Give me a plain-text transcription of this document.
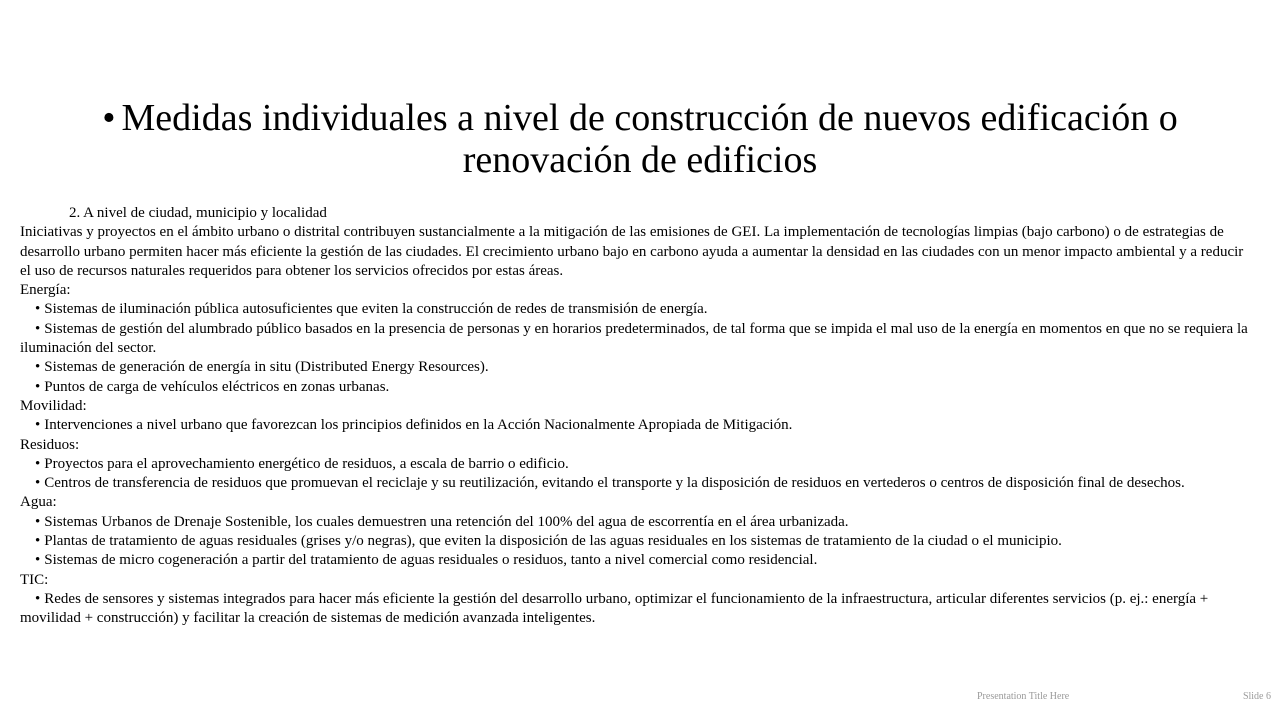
• Medidas individuales a nivel de construcción de nuevos edificación o renovación de edificios

2. A nivel de ciudad, municipio y localidad

Iniciativas y proyectos en el ámbito urbano o distrital contribuyen sustancialmente a la mitigación de las emisiones de GEI. La implementación de tecnologías limpias (bajo carbono) o de estrategias de desarrollo urbano permiten hacer más eficiente la gestión de las ciudades. El crecimiento urbano bajo en carbono ayuda a aumentar la densidad en las ciudades con un menor impacto ambiental y a reducir el uso de recursos naturales requeridos para obtener los servicios ofrecidos por estas áreas.

Energía:

• Sistemas de iluminación pública autosuficientes que eviten la construcción de redes de transmisión de energía.

• Sistemas de gestión del alumbrado público basados en la presencia de personas y en horarios predeterminados, de tal forma que se impida el mal uso de la energía en momentos en que no se requiera la iluminación del sector.

• Sistemas de generación de energía in situ (Distributed Energy Resources).

• Puntos de carga de vehículos eléctricos en zonas urbanas.

Movilidad:

• Intervenciones a nivel urbano que favorezcan los principios definidos en la Acción Nacionalmente Apropiada de Mitigación.

Residuos:

• Proyectos para el aprovechamiento energético de residuos, a escala de barrio o edificio.

• Centros de transferencia de residuos que promuevan el reciclaje y su reutilización, evitando el transporte y la disposición de residuos en vertederos o centros de disposición final de desechos.

Agua:

• Sistemas Urbanos de Drenaje Sostenible, los cuales demuestren una retención del 100% del agua de escorrentía en el área urbanizada.

• Plantas de tratamiento de aguas residuales (grises y/o negras), que eviten la disposición de las aguas residuales en los sistemas de tratamiento de la ciudad o el municipio.

• Sistemas de micro cogeneración a partir del tratamiento de aguas residuales o residuos, tanto a nivel comercial como residencial.

TIC:

• Redes de sensores y sistemas integrados para hacer más eficiente la gestión del desarrollo urbano, optimizar el funcionamiento de la infraestructura, articular diferentes servicios (p. ej.: energía + movilidad + construcción) y facilitar la creación de sistemas de medición avanzada inteligentes.

Presentation Title Here	Slide 6
